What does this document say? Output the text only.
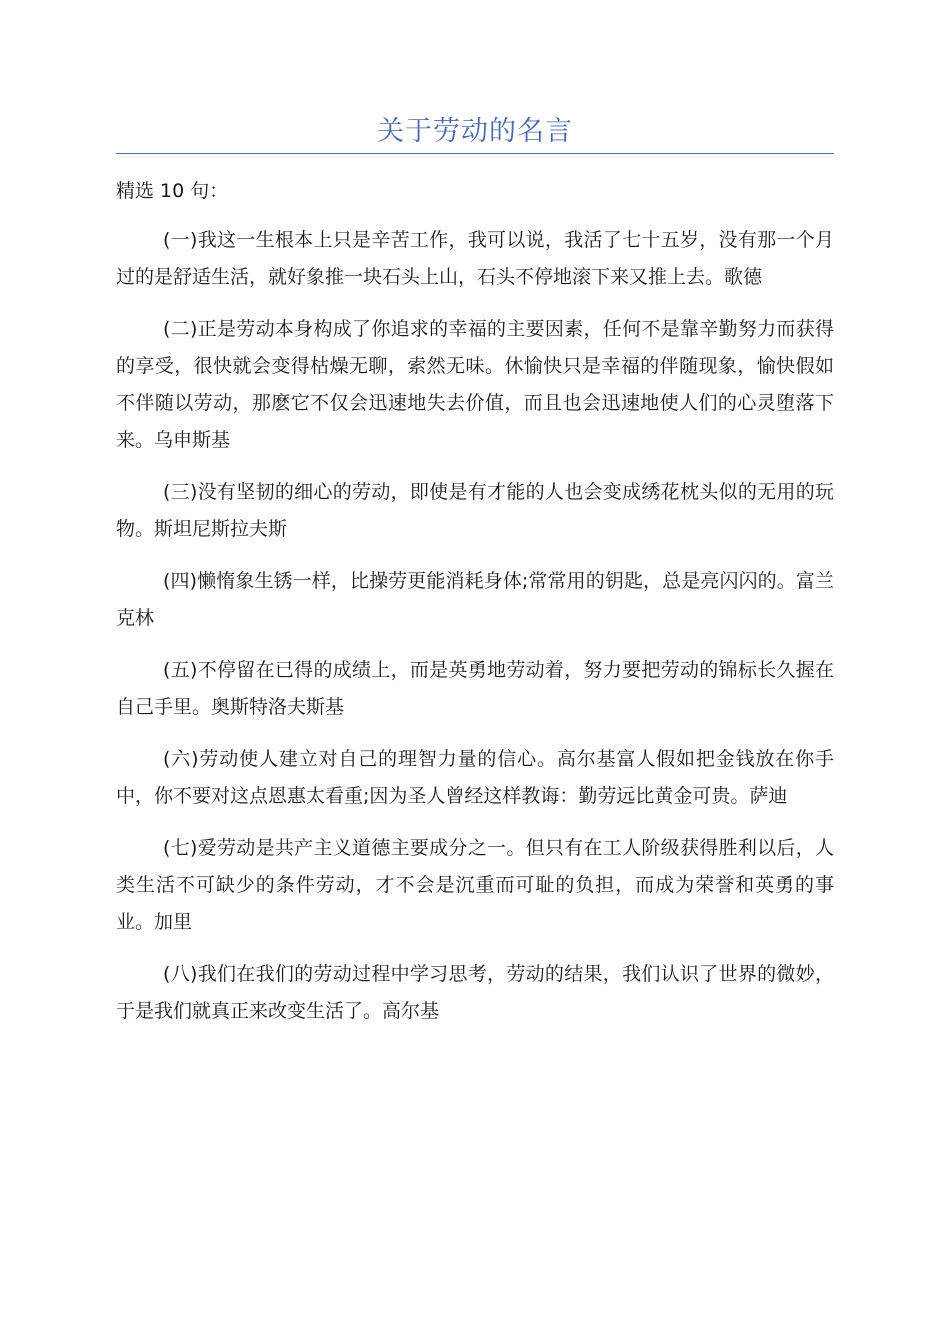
关于劳动的名言
精选 10 句：

(一)我这一生根本上只是辛苦工作，我可以说，我活了七十五岁，没有那一个月过的是舒适生活，就好象推一块石头上山，石头不停地滚下来又推上去。歌德

(二)正是劳动本身构成了你追求的幸福的主要因素，任何不是靠辛勤努力而获得的享受，很快就会变得枯燥无聊，索然无味。休愉快只是幸福的伴随现象，愉快假如不伴随以劳动，那麽它不仅会迅速地失去价值，而且也会迅速地使人们的心灵堕落下来。乌申斯基

(三)没有坚韧的细心的劳动，即使是有才能的人也会变成绣花枕头似的无用的玩物。斯坦尼斯拉夫斯

(四)懒惰象生锈一样，比操劳更能消耗身体;常常用的钥匙，总是亮闪闪的。富兰克林

(五)不停留在已得的成绩上，而是英勇地劳动着，努力要把劳动的锦标长久握在自己手里。奥斯特洛夫斯基

(六)劳动使人建立对自己的理智力量的信心。高尔基富人假如把金钱放在你手中，你不要对这点恩惠太看重;因为圣人曾经这样教诲：勤劳远比黄金可贵。萨迪

(七)爱劳动是共产主义道德主要成分之一。但只有在工人阶级获得胜利以后，人类生活不可缺少的条件劳动，才不会是沉重而可耻的负担，而成为荣誉和英勇的事业。加里

(八)我们在我们的劳动过程中学习思考，劳动的结果，我们认识了世界的微妙，于是我们就真正来改变生活了。高尔基
